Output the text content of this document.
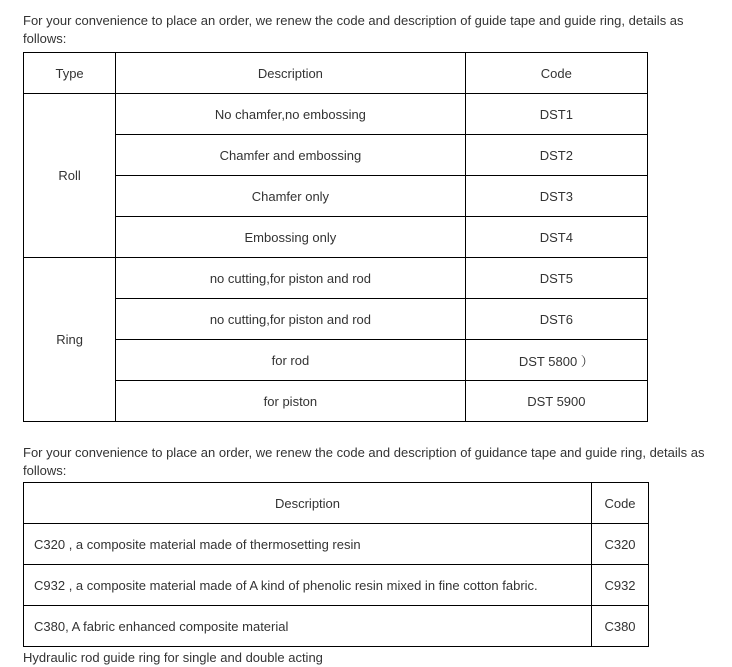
For your convenience to place an order, we renew the code and description of guide tape and guide ring, details as follows:

Type	Description	Code
Roll	No chamfer,no embossing	DST1
	Chamfer and embossing	DST2
	Chamfer only	DST3
	Embossing only	DST4
Ring	no cutting,for piston and rod	DST5
	no cutting,for piston and rod	DST6
	for rod	DST 5800 ）
	for piston	DST 5900

For your convenience to place an order, we renew the code and description of guidance tape and guide ring, details as follows:

Description	Code
C320 , a composite material made of thermosetting resin	C320
C932 , a composite material made of A kind of phenolic resin mixed in fine cotton fabric.	C932
C380, A fabric enhanced composite material	C380

Hydraulic rod guide ring for single and double acting
